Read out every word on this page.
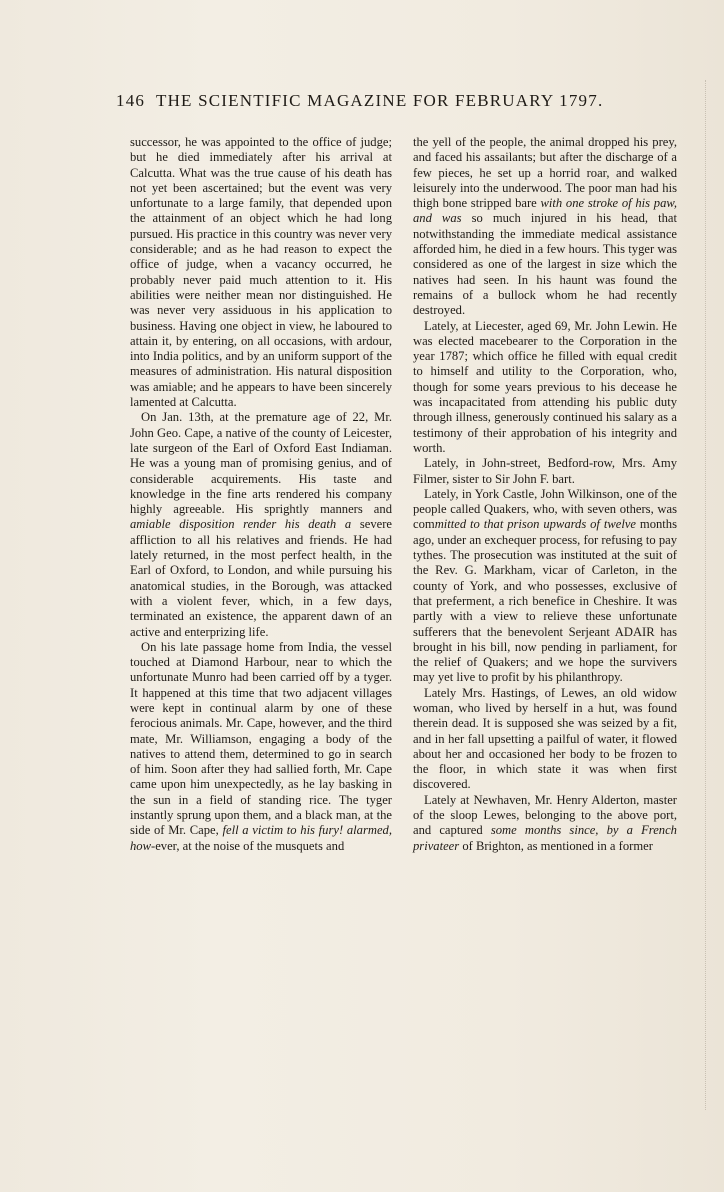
146 THE SCIENTIFIC MAGAZINE FOR FEBRUARY 1797.

successor, he was appointed to the office of judge; but he died immediately after his arrival at Calcutta. What was the true cause of his death has not yet been ascertained; but the event was very unfortunate to a large family, that depended upon the attainment of an object which he had long pursued. His practice in this country was never very considerable; and as he had reason to expect the office of judge, when a vacancy occurred, he probably never paid much attention to it. His abilities were neither mean nor distinguished. He was never very assiduous in his application to business. Having one object in view, he laboured to attain it, by entering, on all occasions, with ardour, into India politics, and by an uniform support of the measures of administration. His natural disposition was amiable; and he appears to have been sincerely lamented at Calcutta.

On Jan. 13th, at the premature age of 22, Mr. John Geo. Cape, a native of the county of Leicester, late surgeon of the Earl of Oxford East Indiaman. He was a young man of promising genius, and of considerable acquirements. His taste and knowledge in the fine arts rendered his company highly agreeable. His sprightly manners and amiable disposition render his death a severe affliction to all his relatives and friends. He had lately returned, in the most perfect health, in the Earl of Oxford, to London, and while pursuing his anatomical studies, in the Borough, was attacked with a violent fever, which, in a few days, terminated an existence, the apparent dawn of an active and enterprizing life.

On his late passage home from India, the vessel touched at Diamond Harbour, near to which the unfortunate Munro had been carried off by a tyger. It happened at this time that two adjacent villages were kept in continual alarm by one of these ferocious animals. Mr. Cape, however, and the third mate, Mr. Williamson, engaging a body of the natives to attend them, determined to go in search of him. Soon after they had sallied forth, Mr. Cape came upon him unexpectedly, as he lay basking in the sun in a field of standing rice. The tyger instantly sprung upon them, and a black man, at the side of Mr. Cape, fell a victim to his fury! alarmed, how-ever, at the noise of the musquets and

the yell of the people, the animal dropped his prey, and faced his assailants; but after the discharge of a few pieces, he set up a horrid roar, and walked leisurely into the underwood. The poor man had his thigh bone stripped bare with one stroke of his paw, and was so much injured in his head, that notwithstanding the immediate medical assistance afforded him, he died in a few hours. This tyger was considered as one of the largest in size which the natives had seen. In his haunt was found the remains of a bullock whom he had recently destroyed.

Lately, at Liecester, aged 69, Mr. John Lewin. He was elected macebearer to the Corporation in the year 1787; which office he filled with equal credit to himself and utility to the Corporation, who, though for some years previous to his decease he was incapacitated from attending his public duty through illness, generously continued his salary as a testimony of their approbation of his integrity and worth.

Lately, in John-street, Bedford-row, Mrs. Amy Filmer, sister to Sir John F. bart.

Lately, in York Castle, John Wilkinson, one of the people called Quakers, who, with seven others, was committed to that prison upwards of twelve months ago, under an exchequer process, for refusing to pay tythes. The prosecution was instituted at the suit of the Rev. G. Markham, vicar of Carleton, in the county of York, and who possesses, exclusive of that preferment, a rich benefice in Cheshire. It was partly with a view to relieve these unfortunate sufferers that the benevolent Serjeant ADAIR has brought in his bill, now pending in parliament, for the relief of Quakers; and we hope the survivers may yet live to profit by his philanthropy.

Lately Mrs. Hastings, of Lewes, an old widow woman, who lived by herself in a hut, was found therein dead. It is supposed she was seized by a fit, and in her fall upsetting a pailful of water, it flowed about her and occasioned her body to be frozen to the floor, in which state it was when first discovered.

Lately at Newhaven, Mr. Henry Alderton, master of the sloop Lewes, belonging to the above port, and captured some months since, by a French privateer of Brighton, as mentioned in a former
